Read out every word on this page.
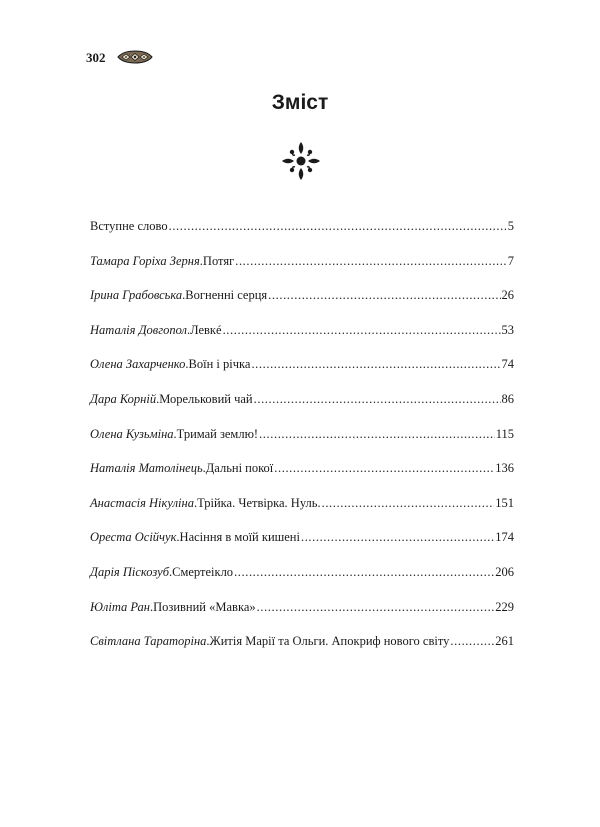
302
Зміст
Вступне слово .....	5
Тамара Горіха Зерня . Потяг .....	7
Ірина Грабовська . Вогненні серця .....	26
Наталія Довгопол . Левкé .....	53
Олена Захарченко . Воїн і річка .....	74
Дара Корній . Морельковий чай .....	86
Олена Кузьміна . Тримай землю! .....	115
Наталія Матолінець . Дальні покої .....	136
Анастасія Нікуліна . Трійка. Четвірка. Нуль. .....	151
Ореста Осійчук . Насіння в моїй кишені .....	174
Дарія Піскозуб . Смертеікло .....	206
Юліта Ран . Позивний «Мавка» .....	229
Світлана Тараторіна . Житія Марії та Ольги. Апокриф нового світу .....	261
